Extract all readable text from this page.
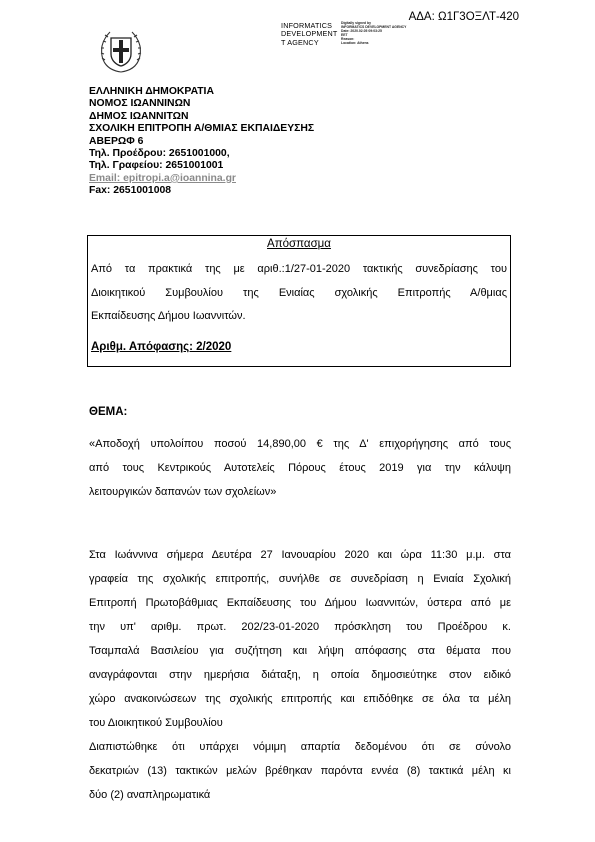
ΑΔΑ: Ω1Γ3ΟΞΛΤ-420
INFORMATICS
DEVELOPMENT
T AGENCY
Digitally signed by
INFORMATICS DEVELOPMENT AGENCY
Date: 2020.02.05 09:03:25
EET
Reason:
Location: Athens
ΕΛΛΗΝΙΚΗ ΔΗΜΟΚΡΑΤΙΑ
ΝΟΜΟΣ ΙΩΑΝΝΙΝΩΝ
ΔΗΜΟΣ ΙΩΑΝΝΙΤΩΝ
ΣΧΟΛΙΚΗ ΕΠΙΤΡΟΠΗ Α/ΘΜΙΑΣ ΕΚΠΑΙΔΕΥΣΗΣ
ΑΒΕΡΩΦ 6
Τηλ. Προέδρου: 2651001000,
Τηλ. Γραφείου: 2651001001
Email: epitropi.a@ioannina.gr
Fax: 2651001008
Απόσπασμα
Από τα πρακτικά της με αριθ.:1/27-01-2020 τακτικής συνεδρίασης του
Διοικητικού Συμβουλίου της Ενιαίας σχολικής Επιτροπής Α/θμιας
Εκπαίδευσης Δήμου Ιωαννιτών.
Αριθμ. Απόφασης: 2/2020
ΘΕΜΑ:
«Αποδοχή υπολοίπου ποσού 14,890,00 € της Δ' επιχορήγησης από τους
από τους Κεντρικούς Αυτοτελείς Πόρους έτους 2019 για την κάλυψη
λειτουργικών δαπανών των σχολείων»
Στα Ιωάννινα σήμερα Δευτέρα 27 Ιανουαρίου 2020 και ώρα 11:30 μ.μ. στα
γραφεία της σχολικής επιτροπής, συνήλθε σε συνεδρίαση η Ενιαία Σχολική
Επιτροπή Πρωτοβάθμιας Εκπαίδευσης του Δήμου Ιωαννιτών, ύστερα από με
την υπ' αριθμ. πρωτ. 202/23-01-2020 πρόσκληση του Προέδρου κ.
Τσαμπαλά Βασιλείου για συζήτηση και λήψη απόφασης στα θέματα που
αναγράφονται στην ημερήσια διάταξη, η οποία δημοσιεύτηκε στον ειδικό
χώρο ανακοινώσεων της σχολικής επιτροπής και επιδόθηκε σε όλα τα μέλη
του Διοικητικού Συμβουλίου
Διαπιστώθηκε ότι υπάρχει νόμιμη απαρτία δεδομένου ότι σε σύνολο
δεκατριών (13) τακτικών μελών βρέθηκαν παρόντα εννέα (8) τακτικά μέλη κι
δύο (2) αναπληρωματικά
